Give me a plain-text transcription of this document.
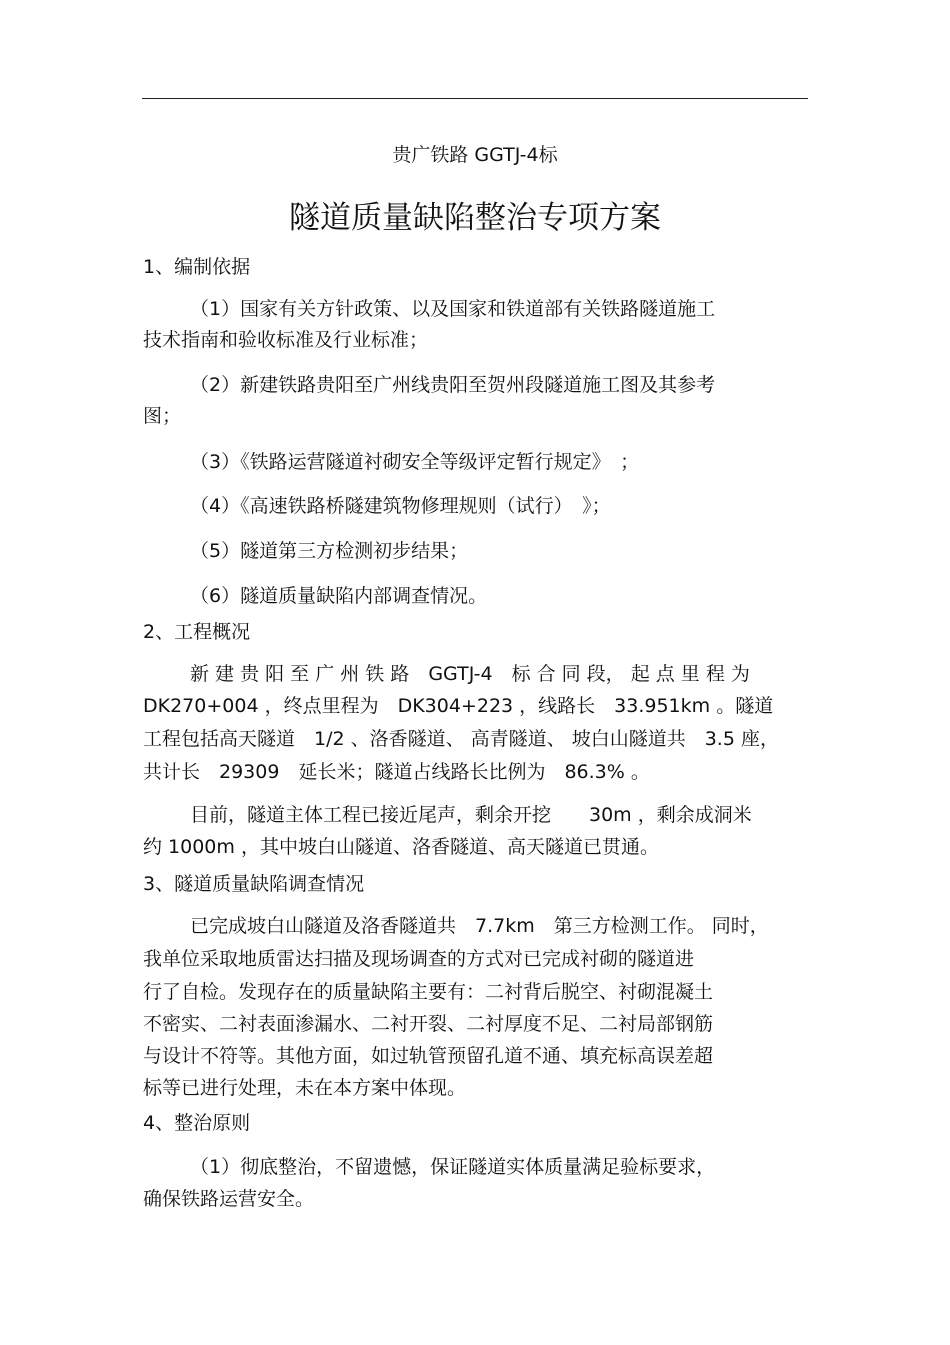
贵广铁路 GGTJ-4标
隧道质量缺陷整治专项方案
1、编制依据
（1）国家有关方针政策、以及国家和铁道部有关铁路隧道施工
技术指南和验收标准及行业标准；
（2）新建铁路贵阳至广州线贵阳至贺州段隧道施工图及其参考
图；
（3）《铁路运营隧道衬砌安全等级评定暂行规定》　；
（4）《高速铁路桥隧建筑物修理规则（试行）　》；
（5）隧道第三方检测初步结果；
（6）隧道质量缺陷内部调查情况。
2、工程概况
新 建 贵 阳 至 广 州 铁 路　GGTJ-4　标 合 同 段， 起 点 里 程 为
DK270+004 ，终点里程为　DK304+223 ，线路长　33.951km 。隧道
工程包括高天隧道　1/2 、洛香隧道、 高青隧道、 坡白山隧道共　3.5 座，
共计长　29309　延长米；隧道占线路长比例为　86.3% 。
目前，隧道主体工程已接近尾声，剩余开挖　　30m ，剩余成洞米
约 1000m ，其中坡白山隧道、洛香隧道、高天隧道已贯通。
3、隧道质量缺陷调查情况
已完成坡白山隧道及洛香隧道共　7.7km　第三方检测工作。 同时，
我单位采取地质雷达扫描及现场调查的方式对已完成衬砌的隧道进
行了自检。发现存在的质量缺陷主要有：二衬背后脱空、衬砌混凝土
不密实、二衬表面渗漏水、二衬开裂、二衬厚度不足、二衬局部钢筋
与设计不符等。其他方面，如过轨管预留孔道不通、填充标高误差超
标等已进行处理，未在本方案中体现。
4、整治原则
（1）彻底整治，不留遗憾，保证隧道实体质量满足验标要求，
确保铁路运营安全。
